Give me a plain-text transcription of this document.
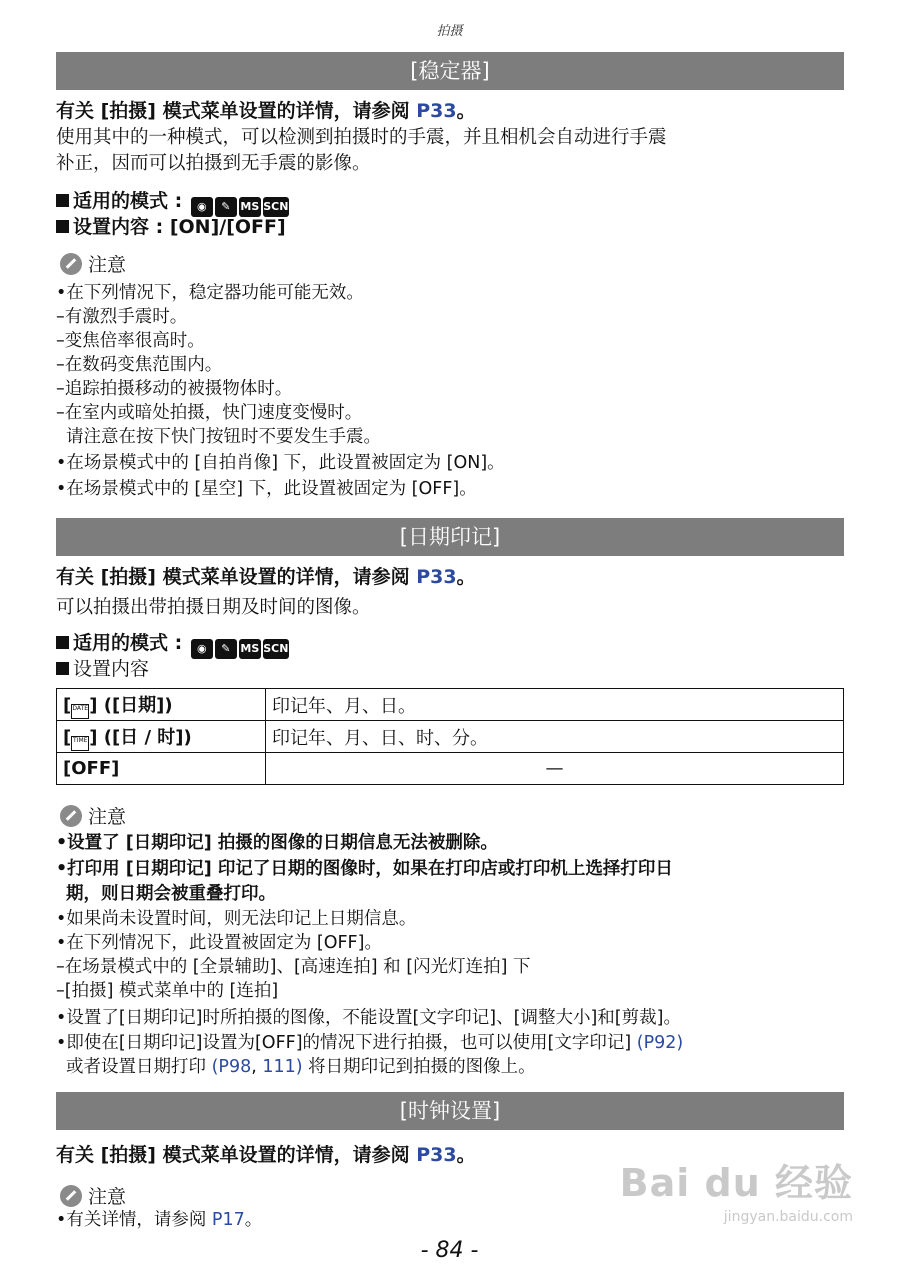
拍摄
[稳定器]
有关 [拍摄] 模式菜单设置的详情，请参阅 P33。
使用其中的一种模式，可以检测到拍摄时的手震，并且相机会自动进行手震
补正，因而可以拍摄到无手震的影像。
适用的模式 : ◉ ✎ MS SCN
设置内容 : [ON]/[OFF]
注意
•在下列情况下，稳定器功能可能无效。
–有激烈手震时。
–变焦倍率很高时。
–在数码变焦范围内。
–追踪拍摄移动的被摄物体时。
–在室内或暗处拍摄，快门速度变慢时。
请注意在按下快门按钮时不要发生手震。
•在场景模式中的 [自拍肖像] 下，此设置被固定为 [ON]。
•在场景模式中的 [星空] 下，此设置被固定为 [OFF]。
[日期印记]
有关 [拍摄] 模式菜单设置的详情，请参阅 P33。
可以拍摄出带拍摄日期及时间的图像。
适用的模式 : ◉ ✎ MS SCN
设置内容
[DATE] ([日期])	印记年、月、日。
[ TIME] ([日 / 时])	印记年、月、日、时、分。
[OFF]	—
注意
•设置了 [日期印记] 拍摄的图像的日期信息无法被删除。
•打印用 [日期印记] 印记了日期的图像时，如果在打印店或打印机上选择打印日
期，则日期会被重叠打印。
•如果尚未设置时间，则无法印记上日期信息。
•在下列情况下，此设置被固定为 [OFF]。
–在场景模式中的 [全景辅助]、[高速连拍] 和 [闪光灯连拍] 下
–[拍摄] 模式菜单中的 [连拍]
•设置了[日期印记]时所拍摄的图像，不能设置[文字印记]、[调整大小]和[剪裁]。
•即使在[日期印记]设置为[OFF]的情况下进行拍摄，也可以使用[文字印记] (P92)
或者设置日期打印 (P98, 111) 将日期印记到拍摄的图像上。
[时钟设置]
有关 [拍摄] 模式菜单设置的详情，请参阅 P33。
注意
•有关详情，请参阅 P17。
Bai du 经验
jingyan.baidu.com
- 84 -
